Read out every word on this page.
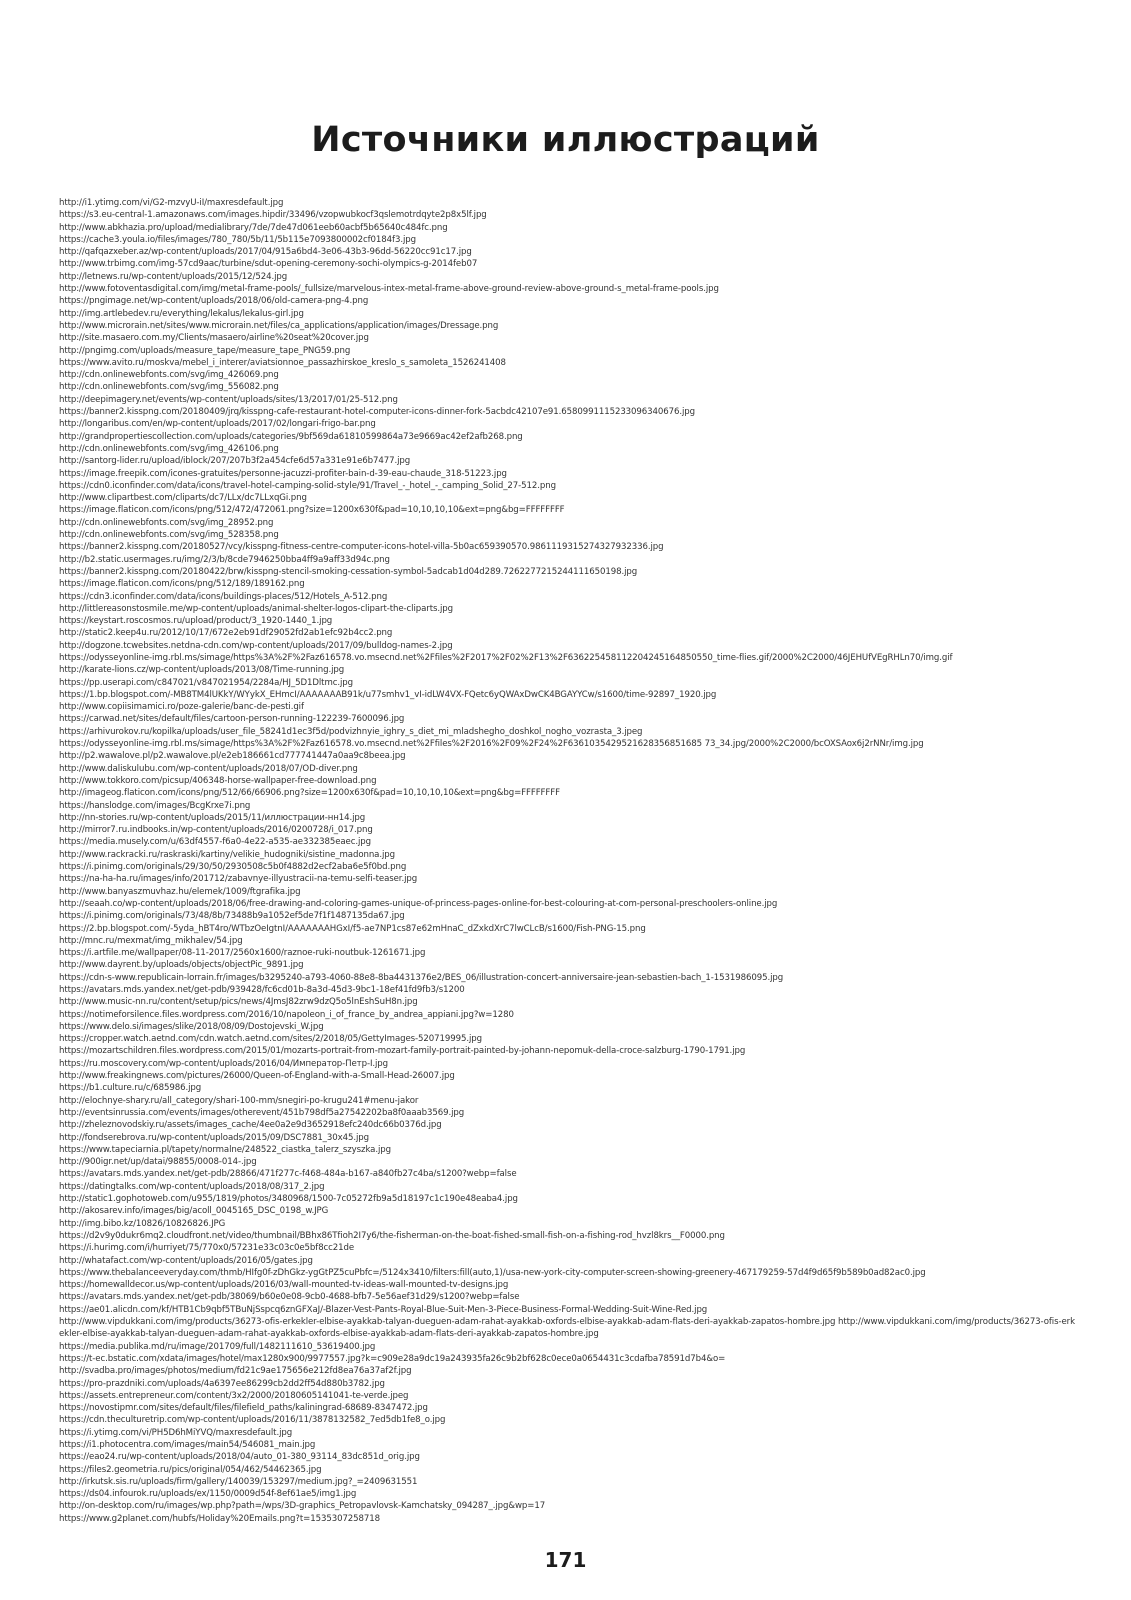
Источники иллюстраций
http://i1.ytimg.com/vi/G2-mzvyU-iI/maxresdefault.jpg
https://s3.eu-central-1.amazonaws.com/images.hipdir/33496/vzopwubkocf3qslemotrdqyte2p8x5lf.jpg
http://www.abkhazia.pro/upload/medialibrary/7de/7de47d061eeb60acbf5b65640c484fc.png
https://cache3.youla.io/files/images/780_780/5b/11/5b115e7093800002cf0184f3.jpg
http://qafqazxeber.az/wp-content/uploads/2017/04/915a6bd4-3e06-43b3-96dd-56220cc91c17.jpg
http://www.trbimg.com/img-57cd9aac/turbine/sdut-opening-ceremony-sochi-olympics-g-2014feb07
http://letnews.ru/wp-content/uploads/2015/12/524.jpg
http://www.fotoventasdigital.com/img/metal-frame-pools/_fullsize/marvelous-intex-metal-frame-above-ground-review-above-ground-s_metal-frame-pools.jpg
https://pngimage.net/wp-content/uploads/2018/06/old-camera-png-4.png
http://img.artlebedev.ru/everything/lekalus/lekalus-girl.jpg
http://www.microrain.net/sites/www.microrain.net/files/ca_applications/application/images/Dressage.png
http://site.masaero.com.my/Clients/masaero/airline%20seat%20cover.jpg
http://pngimg.com/uploads/measure_tape/measure_tape_PNG59.png
https://www.avito.ru/moskva/mebel_i_interer/aviatsionnoe_passazhirskoe_kreslo_s_samoleta_1526241408
http://cdn.onlinewebfonts.com/svg/img_426069.png
http://cdn.onlinewebfonts.com/svg/img_556082.png
http://deepimagery.net/events/wp-content/uploads/sites/13/2017/01/25-512.png
https://banner2.kisspng.com/20180409/jrq/kisspng-cafe-restaurant-hotel-computer-icons-dinner-fork-5acbdc42107e91.6580991115233096340676.jpg
http://longaribus.com/en/wp-content/uploads/2017/02/longari-frigo-bar.png
http://grandpropertiescollection.com/uploads/categories/9bf569da61810599864a73e9669ac42ef2afb268.png
http://cdn.onlinewebfonts.com/svg/img_426106.png
http://santorg-lider.ru/upload/iblock/207/207b3f2a454cfe6d57a331e91e6b7477.jpg
https://image.freepik.com/icones-gratuites/personne-jacuzzi-profiter-bain-d-39-eau-chaude_318-51223.jpg
https://cdn0.iconfinder.com/data/icons/travel-hotel-camping-solid-style/91/Travel_-_hotel_-_camping_Solid_27-512.png
http://www.clipartbest.com/cliparts/dc7/LLx/dc7LLxqGi.png
https://image.flaticon.com/icons/png/512/472/472061.png?size=1200x630f&pad=10,10,10,10&ext=png&bg=FFFFFFFF
http://cdn.onlinewebfonts.com/svg/img_28952.png
http://cdn.onlinewebfonts.com/svg/img_528358.png
https://banner2.kisspng.com/20180527/vcy/kisspng-fitness-centre-computer-icons-hotel-villa-5b0ac659390570.9861119315274327932336.jpg
http://b2.static.usermages.ru/img/2/3/b/8cde7946250bba4ff9a9aff33d94c.png
https://banner2.kisspng.com/20180422/brw/kisspng-stencil-smoking-cessation-symbol-5adcab1d04d289.7262277215244111650198.jpg
https://image.flaticon.com/icons/png/512/189/189162.png
https://cdn3.iconfinder.com/data/icons/buildings-places/512/Hotels_A-512.png
http://littlereasonstosmile.me/wp-content/uploads/animal-shelter-logos-clipart-the-cliparts.jpg
https://keystart.roscosmos.ru/upload/product/3_1920-1440_1.jpg
http://static2.keep4u.ru/2012/10/17/672e2eb91df29052fd2ab1efc92b4cc2.png
http://dogzone.tcwebsites.netdna-cdn.com/wp-content/uploads/2017/09/bulldog-names-2.jpg
https://odysseyonline-img.rbl.ms/simage/https%3A%2F%2Faz616578.vo.msecnd.net%2Ffiles%2F2017%2F02%2F13%2F636225458112204245164850550_time-flies.gif/2000%2C2000/46JEHUfVEgRHLn70/img.gif
http://karate-lions.cz/wp-content/uploads/2013/08/Time-running.jpg
https://pp.userapi.com/c847021/v847021954/2284a/HJ_5D1Dltmc.jpg
https://1.bp.blogspot.com/-MB8TM4lUKkY/WYykX_EHmcI/AAAAAAAB91k/u77smhv1_vI-idLW4VX-FQetc6yQWAxDwCK4BGAYYCw/s1600/time-92897_1920.jpg
http://www.copiisimamici.ro/poze-galerie/banc-de-pesti.gif
https://carwad.net/sites/default/files/cartoon-person-running-122239-7600096.jpg
https://arhivurokov.ru/kopilka/uploads/user_file_58241d1ec3f5d/podvizhnyie_ighry_s_diet_mi_mladshegho_doshkol_nogho_vozrasta_3.jpeg
https://odysseyonline-img.rbl.ms/simage/https%3A%2F%2Faz616578.vo.msecnd.net%2Ffiles%2F2016%2F09%2F24%2F6361035429521628356851685 73_34.jpg/2000%2C2000/bcOXSAox6j2rNNr/img.jpg
http://p2.wawalove.pl/p2.wawalove.pl/e2eb186661cd777741447a0aa9c8beea.jpg
http://www.daliskulubu.com/wp-content/uploads/2018/07/OD-diver.png
http://www.tokkoro.com/picsup/406348-horse-wallpaper-free-download.png
http://imageog.flaticon.com/icons/png/512/66/66906.png?size=1200x630f&pad=10,10,10,10&ext=png&bg=FFFFFFFF
https://hanslodge.com/images/BcgKrxe7i.png
http://nn-stories.ru/wp-content/uploads/2015/11/иллюстрации-нн14.jpg
http://mirror7.ru.indbooks.in/wp-content/uploads/2016/0200728/i_017.png
https://media.musely.com/u/63df4557-f6a0-4e22-a535-ae332385eaec.jpg
http://www.rackracki.ru/raskraski/kartiny/velikie_hudogniki/sistine_madonna.jpg
https://i.pinimg.com/originals/29/30/50/2930508c5b0f4882d2ecf2aba6e5f0bd.png
https://na-ha-ha.ru/images/info/201712/zabavnye-illyustracii-na-temu-selfi-teaser.jpg
http://www.banyaszmuvhaz.hu/elemek/1009/ftgrafika.jpg
http://seaah.co/wp-content/uploads/2018/06/free-drawing-and-coloring-games-unique-of-princess-pages-online-for-best-colouring-at-com-personal-preschoolers-online.jpg
https://i.pinimg.com/originals/73/48/8b/73488b9a1052ef5de7f1f1487135da67.jpg
https://2.bp.blogspot.com/-5yda_hBT4ro/WTbzOeIgtnI/AAAAAAAHGxI/f5-ae7NP1cs87e62mHnaC_dZxkdXrC7lwCLcB/s1600/Fish-PNG-15.png
http://mnc.ru/mexmat/img_mikhalev/54.jpg
https://i.artfile.me/wallpaper/08-11-2017/2560x1600/raznoe-ruki-noutbuk-1261671.jpg
http://www.dayrent.by/uploads/objects/objectPic_9891.jpg
https://cdn-s-www.republicain-lorrain.fr/images/b3295240-a793-4060-88e8-8ba4431376e2/BES_06/illustration-concert-anniversaire-jean-sebastien-bach_1-1531986095.jpg
https://avatars.mds.yandex.net/get-pdb/939428/fc6cd01b-8a3d-45d3-9bc1-18ef41fd9fb3/s1200
http://www.music-nn.ru/content/setup/pics/news/4JmsJ82zrw9dzQ5o5lnEshSuH8n.jpg
https://notimeforsilence.files.wordpress.com/2016/10/napoleon_i_of_france_by_andrea_appiani.jpg?w=1280
https://www.delo.si/images/slike/2018/08/09/Dostojevski_W.jpg
https://cropper.watch.aetnd.com/cdn.watch.aetnd.com/sites/2/2018/05/GettyImages-520719995.jpg
https://mozartschildren.files.wordpress.com/2015/01/mozarts-portrait-from-mozart-family-portrait-painted-by-johann-nepomuk-della-croce-salzburg-1790-1791.jpg
https://ru.moscovery.com/wp-content/uploads/2016/04/Император-Петр-I.jpg
http://www.freakingnews.com/pictures/26000/Queen-of-England-with-a-Small-Head-26007.jpg
https://b1.culture.ru/c/685986.jpg
http://elochnye-shary.ru/all_category/shari-100-mm/snegiri-po-krugu241#menu-jakor
http://eventsinrussia.com/events/images/otherevent/451b798df5a27542202ba8f0aaab3569.jpg
http://zheleznovodskiy.ru/assets/images_cache/4ee0a2e9d3652918efc240dc66b0376d.jpg
http://fondserebrova.ru/wp-content/uploads/2015/09/DSC7881_30x45.jpg
https://www.tapeciarnia.pl/tapety/normalne/248522_ciastka_talerz_szyszka.jpg
http://900igr.net/up/datai/98855/0008-014-.jpg
https://avatars.mds.yandex.net/get-pdb/28866/471f277c-f468-484a-b167-a840fb27c4ba/s1200?webp=false
https://datingtalks.com/wp-content/uploads/2018/08/317_2.jpg
http://static1.gophotoweb.com/u955/1819/photos/3480968/1500-7c05272fb9a5d18197c1c190e48eaba4.jpg
http://akosarev.info/images/big/acoll_0045165_DSC_0198_w.JPG
http://img.bibo.kz/10826/10826826.JPG
https://d2v9y0dukr6mq2.cloudfront.net/video/thumbnail/BBhx86Tfioh2I7y6/the-fisherman-on-the-boat-fished-small-fish-on-a-fishing-rod_hvzl8krs__F0000.png
https://i.hurimg.com/i/hurriyet/75/770x0/57231e33c03c0e5bf8cc21de
http://whatafact.com/wp-content/uploads/2016/05/gates.jpg
https://www.thebalanceeveryday.com/thmb/HIfg0f-zDhGkz-ygGtPZ5cuPbfc=/5124x3410/filters:fill(auto,1)/usa-new-york-city-computer-screen-showing-greenery-467179259-57d4f9d65f9b589b0ad82ac0.jpg
https://homewalldecor.us/wp-content/uploads/2016/03/wall-mounted-tv-ideas-wall-mounted-tv-designs.jpg
https://avatars.mds.yandex.net/get-pdb/38069/b60e0e08-9cb0-4688-bfb7-5e56aef31d29/s1200?webp=false
https://ae01.alicdn.com/kf/HTB1Cb9qbf5TBuNjSspcq6znGFXaJ/-Blazer-Vest-Pants-Royal-Blue-Suit-Men-3-Piece-Business-Formal-Wedding-Suit-Wine-Red.jpg
http://www.vipdukkani.com/img/products/36273-ofis-erkekler-elbise-ayakkab-talyan-dueguen-adam-rahat-ayakkab-oxfords-elbise-ayakkab-adam-flats-deri-ayakkab-zapatos-hombre.jpg http://www.vipdukkani.com/img/products/36273-ofis-erkekler-elbise-ayakkab-talyan-dueguen-adam-rahat-ayakkab-oxfords-elbise-ayakkab-adam-flats-deri-ayakkab-zapatos-hombre.jpg
https://media.publika.md/ru/image/201709/full/1482111610_53619400.jpg
https://t-ec.bstatic.com/xdata/images/hotel/max1280x900/9977557.jpg?k=c909e28a9dc19a243935fa26c9b2bf628c0ece0a0654431c3cdafba78591d7b4&o=
http://svadba.pro/images/photos/medium/fd21c9ae175656e212fd8ea76a37af2f.jpg
https://pro-prazdniki.com/uploads/4a6397ee86299cb2dd2ff54d880b3782.jpg
https://assets.entrepreneur.com/content/3x2/2000/20180605141041-te-verde.jpeg
https://novostipmr.com/sites/default/files/filefield_paths/kaliningrad-68689-8347472.jpg
https://cdn.theculturetrip.com/wp-content/uploads/2016/11/3878132582_7ed5db1fe8_o.jpg
https://i.ytimg.com/vi/PH5D6hMiYVQ/maxresdefault.jpg
https://i1.photocentra.com/images/main54/546081_main.jpg
https://eao24.ru/wp-content/uploads/2018/04/auto_01-380_93114_83dc851d_orig.jpg
https://files2.geometria.ru/pics/original/054/462/54462365.jpg
http://irkutsk.sis.ru/uploads/firm/gallery/140039/153297/medium.jpg?_=2409631551
https://ds04.infourok.ru/uploads/ex/1150/0009d54f-8ef61ae5/img1.jpg
http://on-desktop.com/ru/images/wp.php?path=/wps/3D-graphics_Petropavlovsk-Kamchatsky_094287_.jpg&wp=17
https://www.g2planet.com/hubfs/Holiday%20Emails.png?t=1535307258718
171
